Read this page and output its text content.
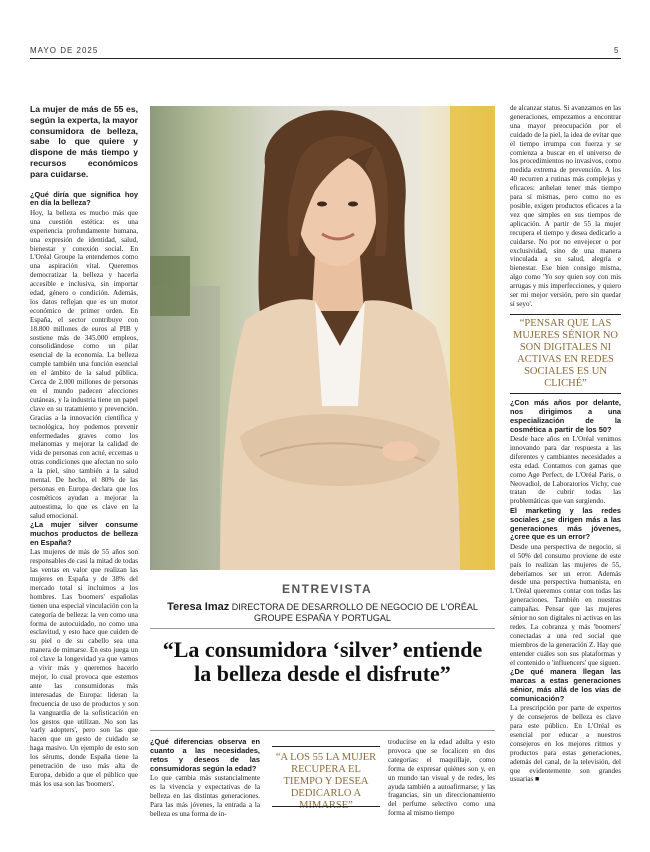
MAYO DE 2025	5

La mujer de más de 55 es, según la experta, la mayor consumidora de belleza, sabe lo que quiere y dispone de más tiempo y recursos económicos para cuidarse.

¿Qué diría que significa hoy en día la belleza?

Hoy, la belleza es mucho más que una cuestión estética: es una experiencia profundamente humana, una expresión de identidad, salud, bienestar y conexión social. En L'Oréal Groupe la entendemos como una aspiración vital. Queremos democratizar la belleza y hacerla accesible e inclusiva, sin importar edad, género o condición. Además, los datos reflejan que es un motor económico de primer orden. En España, el sector contribuye con 18.800 millones de euros al PIB y sostiene más de 345.000 empleos, consolidándose como un pilar esencial de la economía. La belleza cumple también una función esencial en el ámbito de la salud pública. Cerca de 2.000 millones de personas en el mundo padecen afecciones cutáneas, y la industria tiene un papel clave en su tratamiento y prevención. Gracias a la innovación científica y tecnológica, hoy podemos prevenir enfermedades graves como los melanomas y mejorar la calidad de vida de personas con acné, eccemas u otras condiciones que afectan no solo a la piel, sino también a la salud mental. De hecho, el 80% de las personas en Europa declara que los cosméticos ayudan a mejorar la autoestima, lo que es clave en la salud emocional.

¿La mujer silver consume muchos productos de belleza en España?

Las mujeres de más de 55 años son responsables de casi la mitad de todas las ventas en valor que realizan las mujeres en España y de 38% del mercado total si incluimos a los hombres. Las 'boomers' españolas tienen una especial vinculación con la categoría de belleza: la ven como una forma de autocuidado, no como una esclavitud, y esto hace que cuiden de su piel o de su cabello sea una manera de mimarse. En esto juega un rol clave la longevidad ya que vamos a vivir más y queremos hacerlo mejor, lo cual provoca que estemos ante las consumidoras más interesadas de Europa: lideran la frecuencia de uso de productos y son la vanguardia de la sofisticación en los gestos que utilizan. No son las 'early adopters', pero son las que hacen que un gesto de cuidado se haga masivo. Un ejemplo de esto son los sérums, donde España tiene la penetración de uso más alta de Europa, debido a que el público que más los usa son las 'boomers'.

ENTREVISTA
Teresa Imaz DIRECTORA DE DESARROLLO DE NEGOCIO DE L'ORÉAL GROUPE ESPAÑA Y PORTUGAL
“La consumidora ‘silver’ entiende la belleza desde el disfrute”

¿Qué diferencias observa en cuanto a las necesidades, retos y deseos de las consumidoras según la edad?

Lo que cambia más sustancialmente es la vivencia y expectativas de la belleza en las distintas generaciones. Para las más jóvenes, la entrada a la belleza es una forma de in-

“A LOS 55 LA MUJER RECUPERA EL TIEMPO Y DESEA DEDICARLO A

troducirse en la edad adulta y esto provoca que se focalicen en dos categorías: el maquillaje, como forma de expresar quiénes son y, en un mundo tan visual y de redes, les ayuda también a autoafirmarse; y las fragancias, sin un direccionamiento del perfume selectivo como una forma al mismo tiempo

de alcanzar status. Si avanzamos en las generaciones, empezamos a encontrar una mayor preocupación por el cuidado de la piel, la idea de evitar que el tiempo irrumpa con fuerza y se comienza a buscar en el universo de los procedimientos no invasivos, como medida extrema de prevención. A los 40 recurren a rutinas más complejas y eficaces: anhelan tener más tiempo para sí mismas, pero como no es posible, exigen productos eficaces a la vez que simples en sus tiempos de aplicación. A partir de 55 la mujer recupera el tiempo y desea dedicarlo a cuidarse. No por no envejecer o por exclusividad, sino de una manera vinculada a su salud, alegría e bienestar. Ese bien consigo misma, algo como 'Yo soy quien soy con mis arrugas y mis imperfecciones, y quiero ser mi mejor versión, pero sin quedar sí seyo'.

“PENSAR QUE LAS MUJERES SÉNIOR NO SON DIGITALES NI ACTIVAS EN REDES SOCIALES ES UN CLICHÉ”

¿Con más años por delante, nos dirigimos a una especialización de la cosmética a partir de los 50?

Desde hace años en L'Oréal venimos innovando para dar respuesta a las diferentes y cambiantes necesidades a esta edad. Contamos con gamas que como Age Perfect, de L'Oréal Paris, o Neovadiol, de Laboratorios Vichy, cue tratan de cubrir todas las problemáticas que van surgiendo.

El marketing y las redes sociales ¿se dirigen más a las generaciones más jóvenes, ¿cree que es un error?

Desde una perspectiva de negocio, si el 50% del consumo proviene de este país lo realizan las mujeres de 55, deberíamos ser un error. Además desde una perspectiva humanista, en L'Oréal queremos contar con todas las generaciones. También en nuestras campañas. Pensar que las mujeres sénior no son digitales ni activas en las redes. La cobranza y más 'boomers' conectadas a una red social que miembros de la generación Z. Hay que entender cuáles son sus plataformas y el contenido o 'influencers' que siguen.

¿De qué manera llegan las marcas a estas generaciones sénior, más allá de los vías de comunicación?

La prescripción por parte de expertos y de consejeros de belleza es clave para este público. En L'Oréal es esencial por educar a nuestros consejeros en los mejores ritmos y productos para estas generaciones, además del canal, de la televisión, del que evidentemente son grandes usuarias ■
